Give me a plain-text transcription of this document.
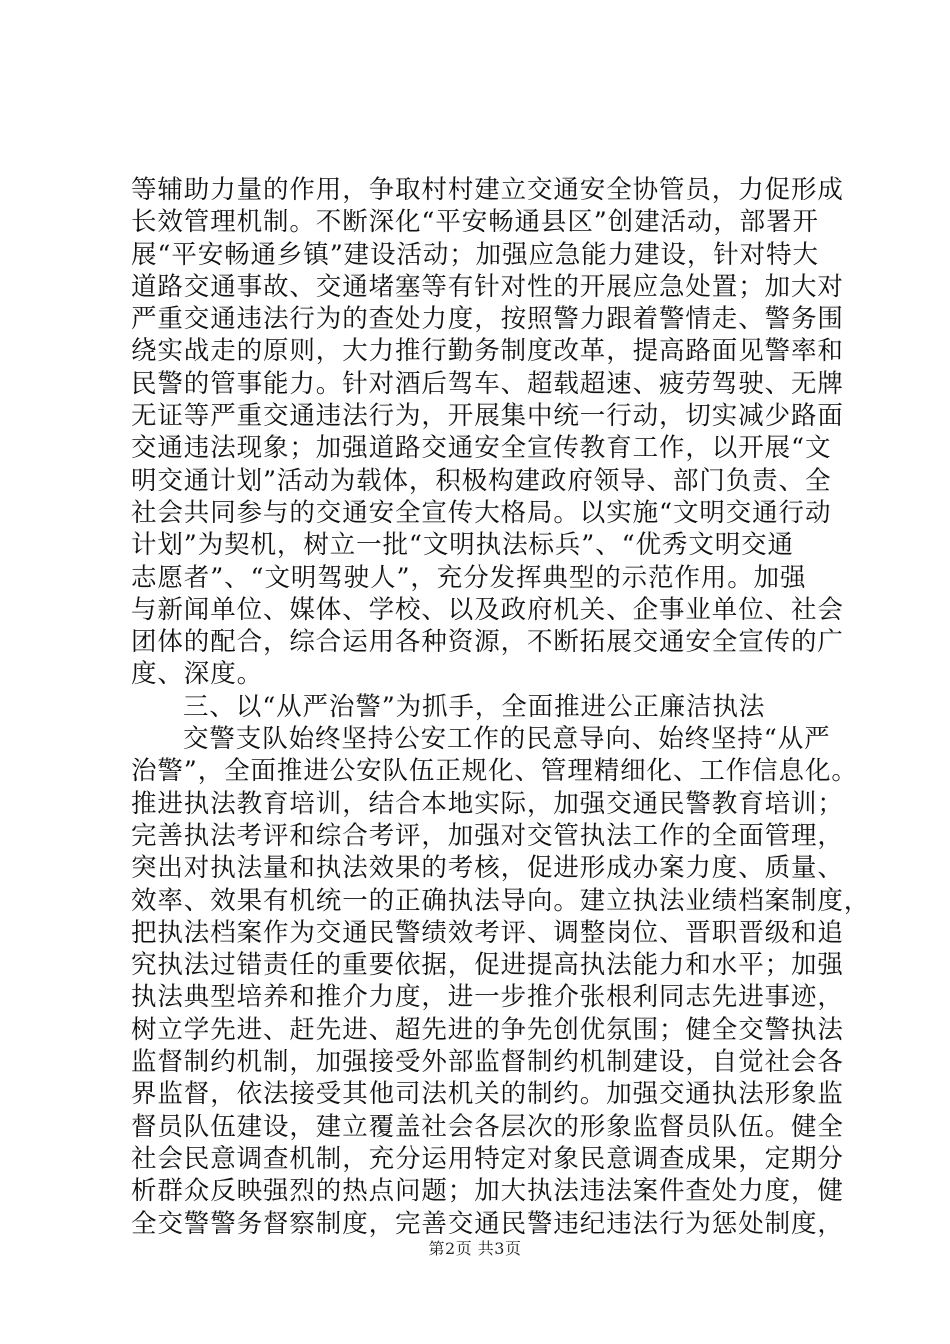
等辅助力量的作用，争取村村建立交通安全协管员，力促形成
长效管理机制。不断深化“平安畅通县区”创建活动，部署开
展“平安畅通乡镇”建设活动；加强应急能力建设，针对特大
道路交通事故、交通堵塞等有针对性的开展应急处置；加大对
严重交通违法行为的查处力度，按照警力跟着警情走、警务围
绕实战走的原则，大力推行勤务制度改革，提高路面见警率和
民警的管事能力。针对酒后驾车、超载超速、疲劳驾驶、无牌
无证等严重交通违法行为，开展集中统一行动，切实减少路面
交通违法现象；加强道路交通安全宣传教育工作，以开展“文
明交通计划”活动为载体，积极构建政府领导、部门负责、全
社会共同参与的交通安全宣传大格局。以实施“文明交通行动
计划”为契机，树立一批“文明执法标兵”、“优秀文明交通
志愿者”、“文明驾驶人”，充分发挥典型的示范作用。加强
与新闻单位、媒体、学校、以及政府机关、企事业单位、社会
团体的配合，综合运用各种资源，不断拓展交通安全宣传的广
度、深度。
三、以“从严治警”为抓手，全面推进公正廉洁执法
交警支队始终坚持公安工作的民意导向、始终坚持“从严
治警”，全面推进公安队伍正规化、管理精细化、工作信息化。
推进执法教育培训，结合本地实际，加强交通民警教育培训；
完善执法考评和综合考评，加强对交管执法工作的全面管理，
突出对执法量和执法效果的考核，促进形成办案力度、质量、
效率、效果有机统一的正确执法导向。建立执法业绩档案制度，
把执法档案作为交通民警绩效考评、调整岗位、晋职晋级和追
究执法过错责任的重要依据，促进提高执法能力和水平；加强
执法典型培养和推介力度，进一步推介张根利同志先进事迹，
树立学先进、赶先进、超先进的争先创优氛围；健全交警执法
监督制约机制，加强接受外部监督制约机制建设，自觉社会各
界监督，依法接受其他司法机关的制约。加强交通执法形象监
督员队伍建设，建立覆盖社会各层次的形象监督员队伍。健全
社会民意调查机制，充分运用特定对象民意调查成果，定期分
析群众反映强烈的热点问题；加大执法违法案件查处力度，健
全交警警务督察制度，完善交通民警违纪违法行为惩处制度，
第2页 共3页
